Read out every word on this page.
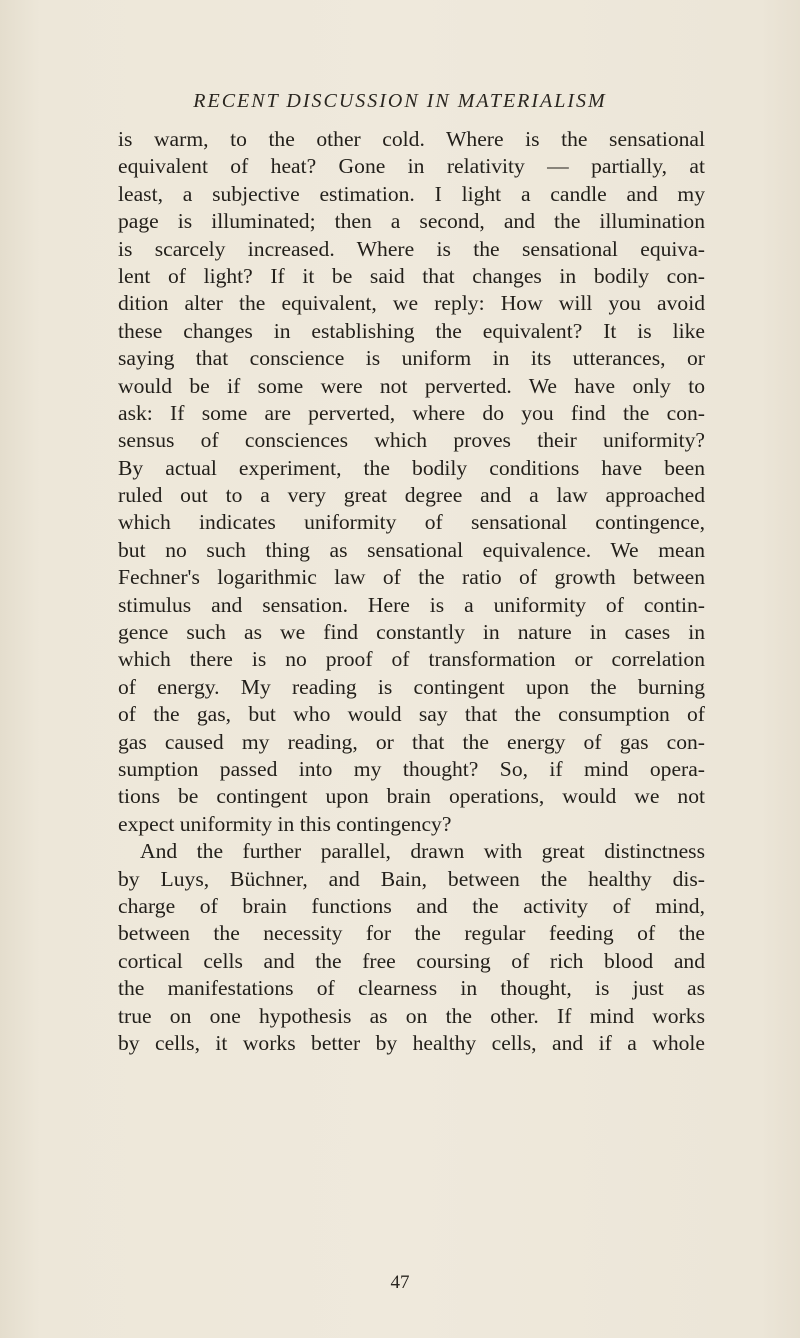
RECENT DISCUSSION IN MATERIALISM
is warm, to the other cold. Where is the sensational
equivalent of heat? Gone in relativity — partially, at
least, a subjective estimation. I light a candle and my
page is illuminated; then a second, and the illumination
is scarcely increased. Where is the sensational equiva-
lent of light? If it be said that changes in bodily con-
dition alter the equivalent, we reply: How will you avoid
these changes in establishing the equivalent? It is like
saying that conscience is uniform in its utterances, or
would be if some were not perverted. We have only to
ask: If some are perverted, where do you find the con-
sensus of consciences which proves their uniformity?
By actual experiment, the bodily conditions have been
ruled out to a very great degree and a law approached
which indicates uniformity of sensational contingence,
but no such thing as sensational equivalence. We mean
Fechner's logarithmic law of the ratio of growth between
stimulus and sensation. Here is a uniformity of contin-
gence such as we find constantly in nature in cases in
which there is no proof of transformation or correlation
of energy. My reading is contingent upon the burning
of the gas, but who would say that the consumption of
gas caused my reading, or that the energy of gas con-
sumption passed into my thought? So, if mind opera-
tions be contingent upon brain operations, would we not
expect uniformity in this contingency?
And the further parallel, drawn with great distinctness
by Luys, Büchner, and Bain, between the healthy dis-
charge of brain functions and the activity of mind,
between the necessity for the regular feeding of the
cortical cells and the free coursing of rich blood and
the manifestations of clearness in thought, is just as
true on one hypothesis as on the other. If mind works
by cells, it works better by healthy cells, and if a whole
47
